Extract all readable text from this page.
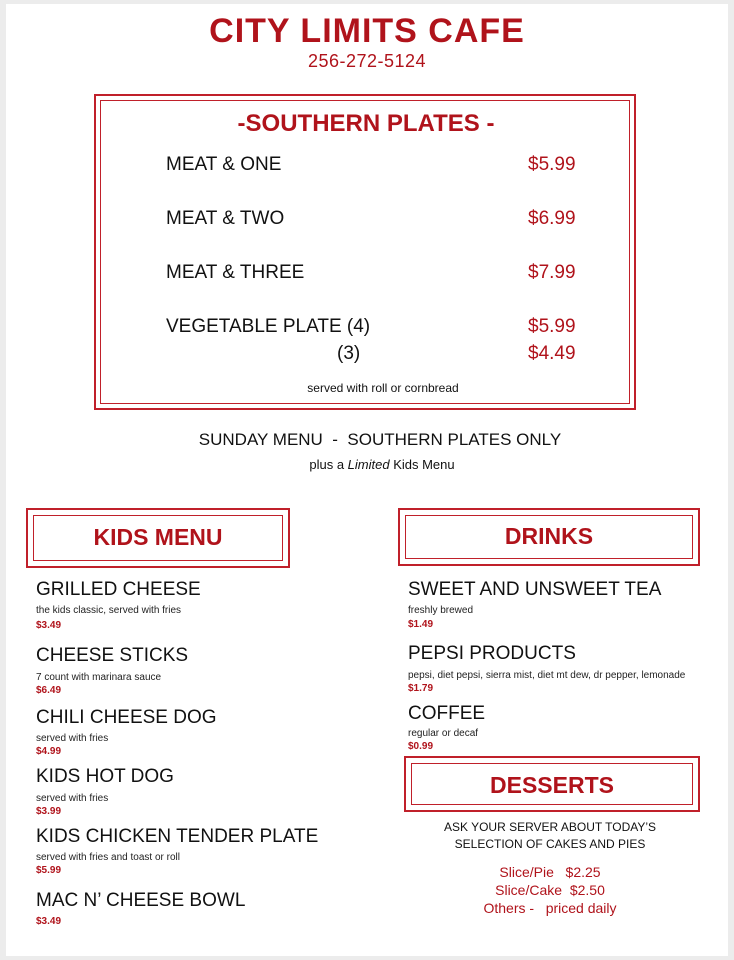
CITY LIMITS CAFE
256-272-5124
-SOUTHERN PLATES -
MEAT & ONE	$5.99
MEAT & TWO	$6.99
MEAT & THREE	$7.99
VEGETABLE PLATE (4)	$5.99
(3)	$4.49
served with roll or cornbread
SUNDAY MENU  -  SOUTHERN PLATES ONLY
plus a Limited Kids Menu
KIDS MENU
GRILLED CHEESE
the kids classic, served with fries
$3.49
CHEESE STICKS
7 count with marinara sauce
$6.49
CHILI CHEESE DOG
served with fries
$4.99
KIDS HOT DOG
served with fries
$3.99
KIDS CHICKEN TENDER PLATE
served with fries and toast or roll
$5.99
MAC N’ CHEESE BOWL
$3.49
DRINKS
SWEET AND UNSWEET TEA
freshly brewed
$1.49
PEPSI PRODUCTS
pepsi, diet pepsi, sierra mist, diet mt dew, dr pepper, lemonade
$1.79
COFFEE
regular or decaf
$0.99
DESSERTS
ASK YOUR SERVER ABOUT TODAY’S
SELECTION OF CAKES AND PIES
Slice/Pie   $2.25
Slice/Cake  $2.50
Others -   priced daily
